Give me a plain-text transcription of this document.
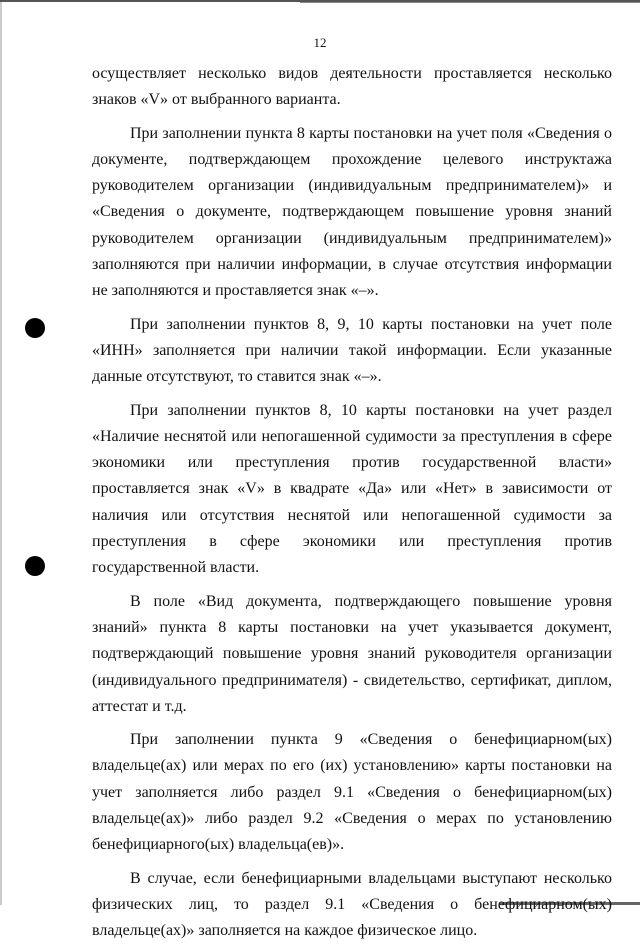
12

осуществляет несколько видов деятельности проставляется несколько знаков «V» от выбранного варианта.

При заполнении пункта 8 карты постановки на учет поля «Сведения о документе, подтверждающем прохождение целевого инструктажа руководителем организации (индивидуальным предпринимателем)» и «Сведения о документе, подтверждающем повышение уровня знаний руководителем организации (индивидуальным предпринимателем)» заполняются при наличии информации, в случае отсутствия информации не заполняются и проставляется знак «–».

При заполнении пунктов 8, 9, 10 карты постановки на учет поле «ИНН» заполняется при наличии такой информации. Если указанные данные отсутствуют, то ставится знак «–».

При заполнении пунктов 8, 10 карты постановки на учет раздел «Наличие неснятой или непогашенной судимости за преступления в сфере экономики или преступления против государственной власти» проставляется знак «V» в квадрате «Да» или «Нет» в зависимости от наличия или отсутствия неснятой или непогашенной судимости за преступления в сфере экономики или преступления против государственной власти.

В поле «Вид документа, подтверждающего повышение уровня знаний» пункта 8 карты постановки на учет указывается документ, подтверждающий повышение уровня знаний руководителя организации (индивидуального предпринимателя) - свидетельство, сертификат, диплом, аттестат и т.д.

При заполнении пункта 9 «Сведения о бенефициарном(ых) владельце(ах) или мерах по его (их) установлению» карты постановки на учет заполняется либо раздел 9.1 «Сведения о бенефициарном(ых) владельце(ах)» либо раздел 9.2 «Сведения о мерах по установлению бенефициарного(ых) владельца(ев)».

В случае, если бенефициарными владельцами выступают несколько физических лиц, то раздел 9.1 «Сведения о бенефициарном(ых) владельце(ах)» заполняется на каждое физическое лицо.
